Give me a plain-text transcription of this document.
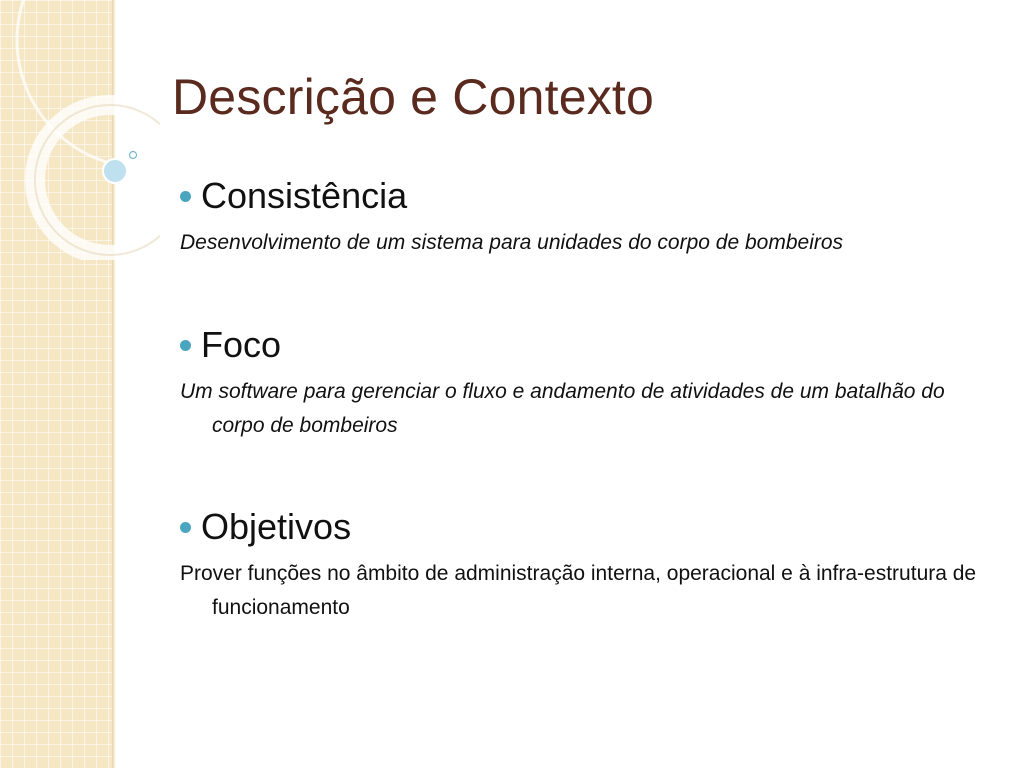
Descrição e Contexto
Consistência

Desenvolvimento de um sistema para unidades do corpo de bombeiros

Foco

Um software para gerenciar o fluxo e andamento de atividades de um batalhão do corpo de bombeiros

Objetivos

Prover funções no âmbito de administração interna, operacional e à infra-estrutura de funcionamento
